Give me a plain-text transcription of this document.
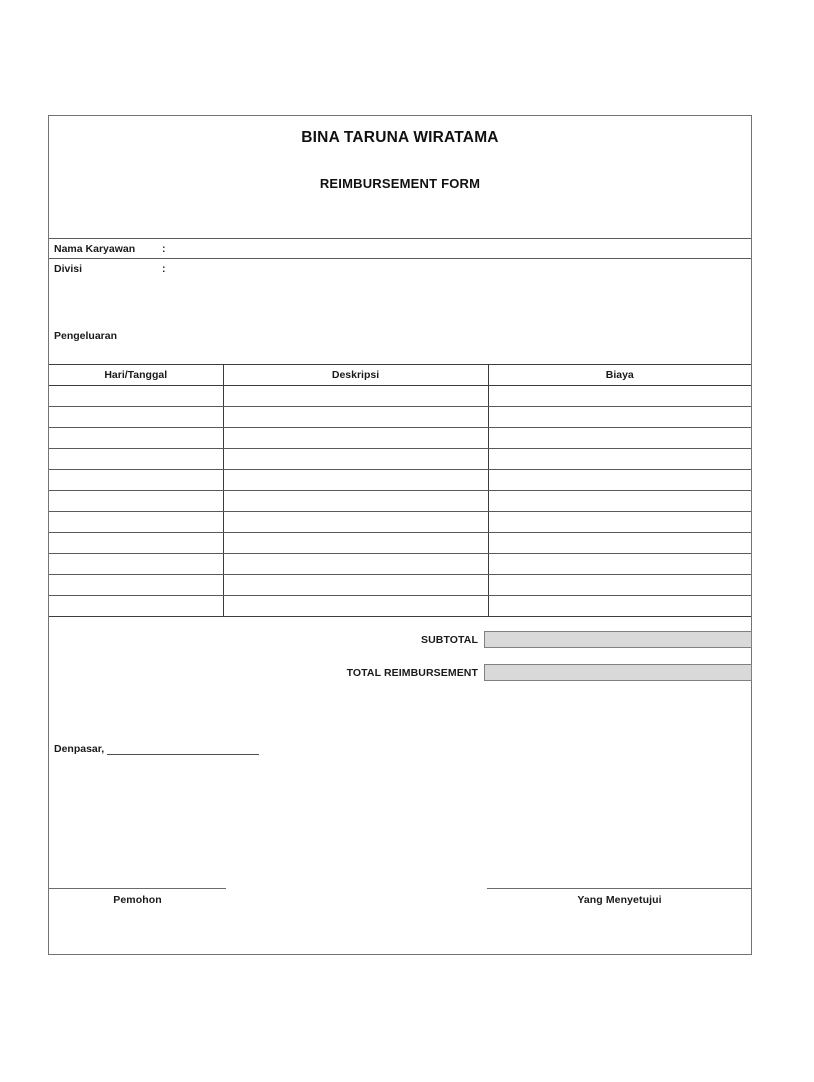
BINA TARUNA WIRATAMA
REIMBURSEMENT FORM
Nama Karyawan	:
Divisi	:
Pengeluaran
Hari/Tanggal	Deskripsi	Biaya

SUBTOTAL
TOTAL REIMBURSEMENT
Denpasar,
Pemohon	Yang Menyetujui
